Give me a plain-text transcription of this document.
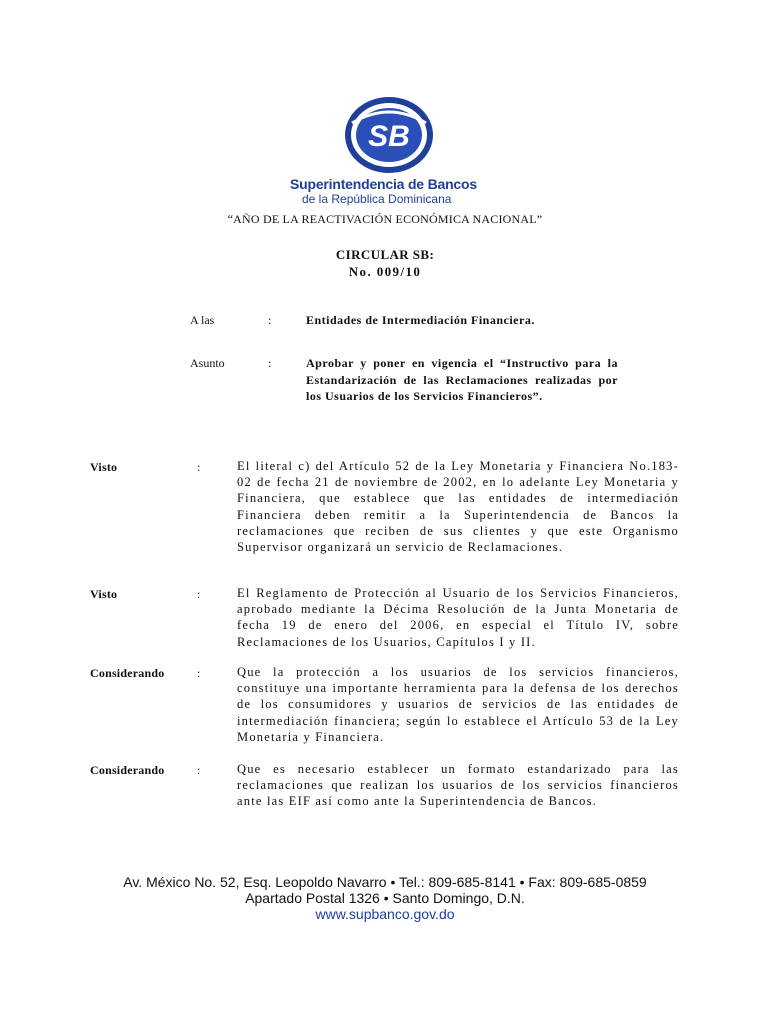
SB
Superintendencia de Bancos
de la República Dominicana
“AÑO DE LA REACTIVACIÓN ECONÓMICA NACIONAL”
CIRCULAR SB:
No. 009/10
A las	:	Entidades de Intermediación Financiera.
Asunto	:	Aprobar y poner en vigencia el “Instructivo para la Estandarización de las Reclamaciones realizadas por los Usuarios de los Servicios Financieros”.
Visto	:	El literal c) del Artículo 52 de la Ley Monetaria y Financiera No.183-02 de fecha 21 de noviembre de 2002, en lo adelante Ley Monetaria y Financiera, que establece que las entidades de intermediación Financiera deben remitir a la Superintendencia de Bancos la reclamaciones que reciben de sus clientes y que este Organismo Supervisor organizará un servicio de Reclamaciones.
Visto	:	El Reglamento de Protección al Usuario de los Servicios Financieros, aprobado mediante la Décima Resolución de la Junta Monetaria de fecha 19 de enero del 2006, en especial el Título IV, sobre Reclamaciones de los Usuarios, Capítulos I y II.
Considerando	:	Que la protección a los usuarios de los servicios financieros, constituye una importante herramienta para la defensa de los derechos de los consumidores y usuarios de servicios de las entidades de intermediación financiera; según lo establece el Artículo 53 de la Ley Monetaria y Financiera.
Considerando	:	Que es necesario establecer un formato estandarizado para las reclamaciones que realizan los usuarios de los servicios financieros ante las EIF así como ante la Superintendencia de Bancos.
Av. México No. 52, Esq. Leopoldo Navarro • Tel.: 809-685-8141 • Fax: 809-685-0859
Apartado Postal 1326 • Santo Domingo, D.N.
www.supbanco.gov.do
